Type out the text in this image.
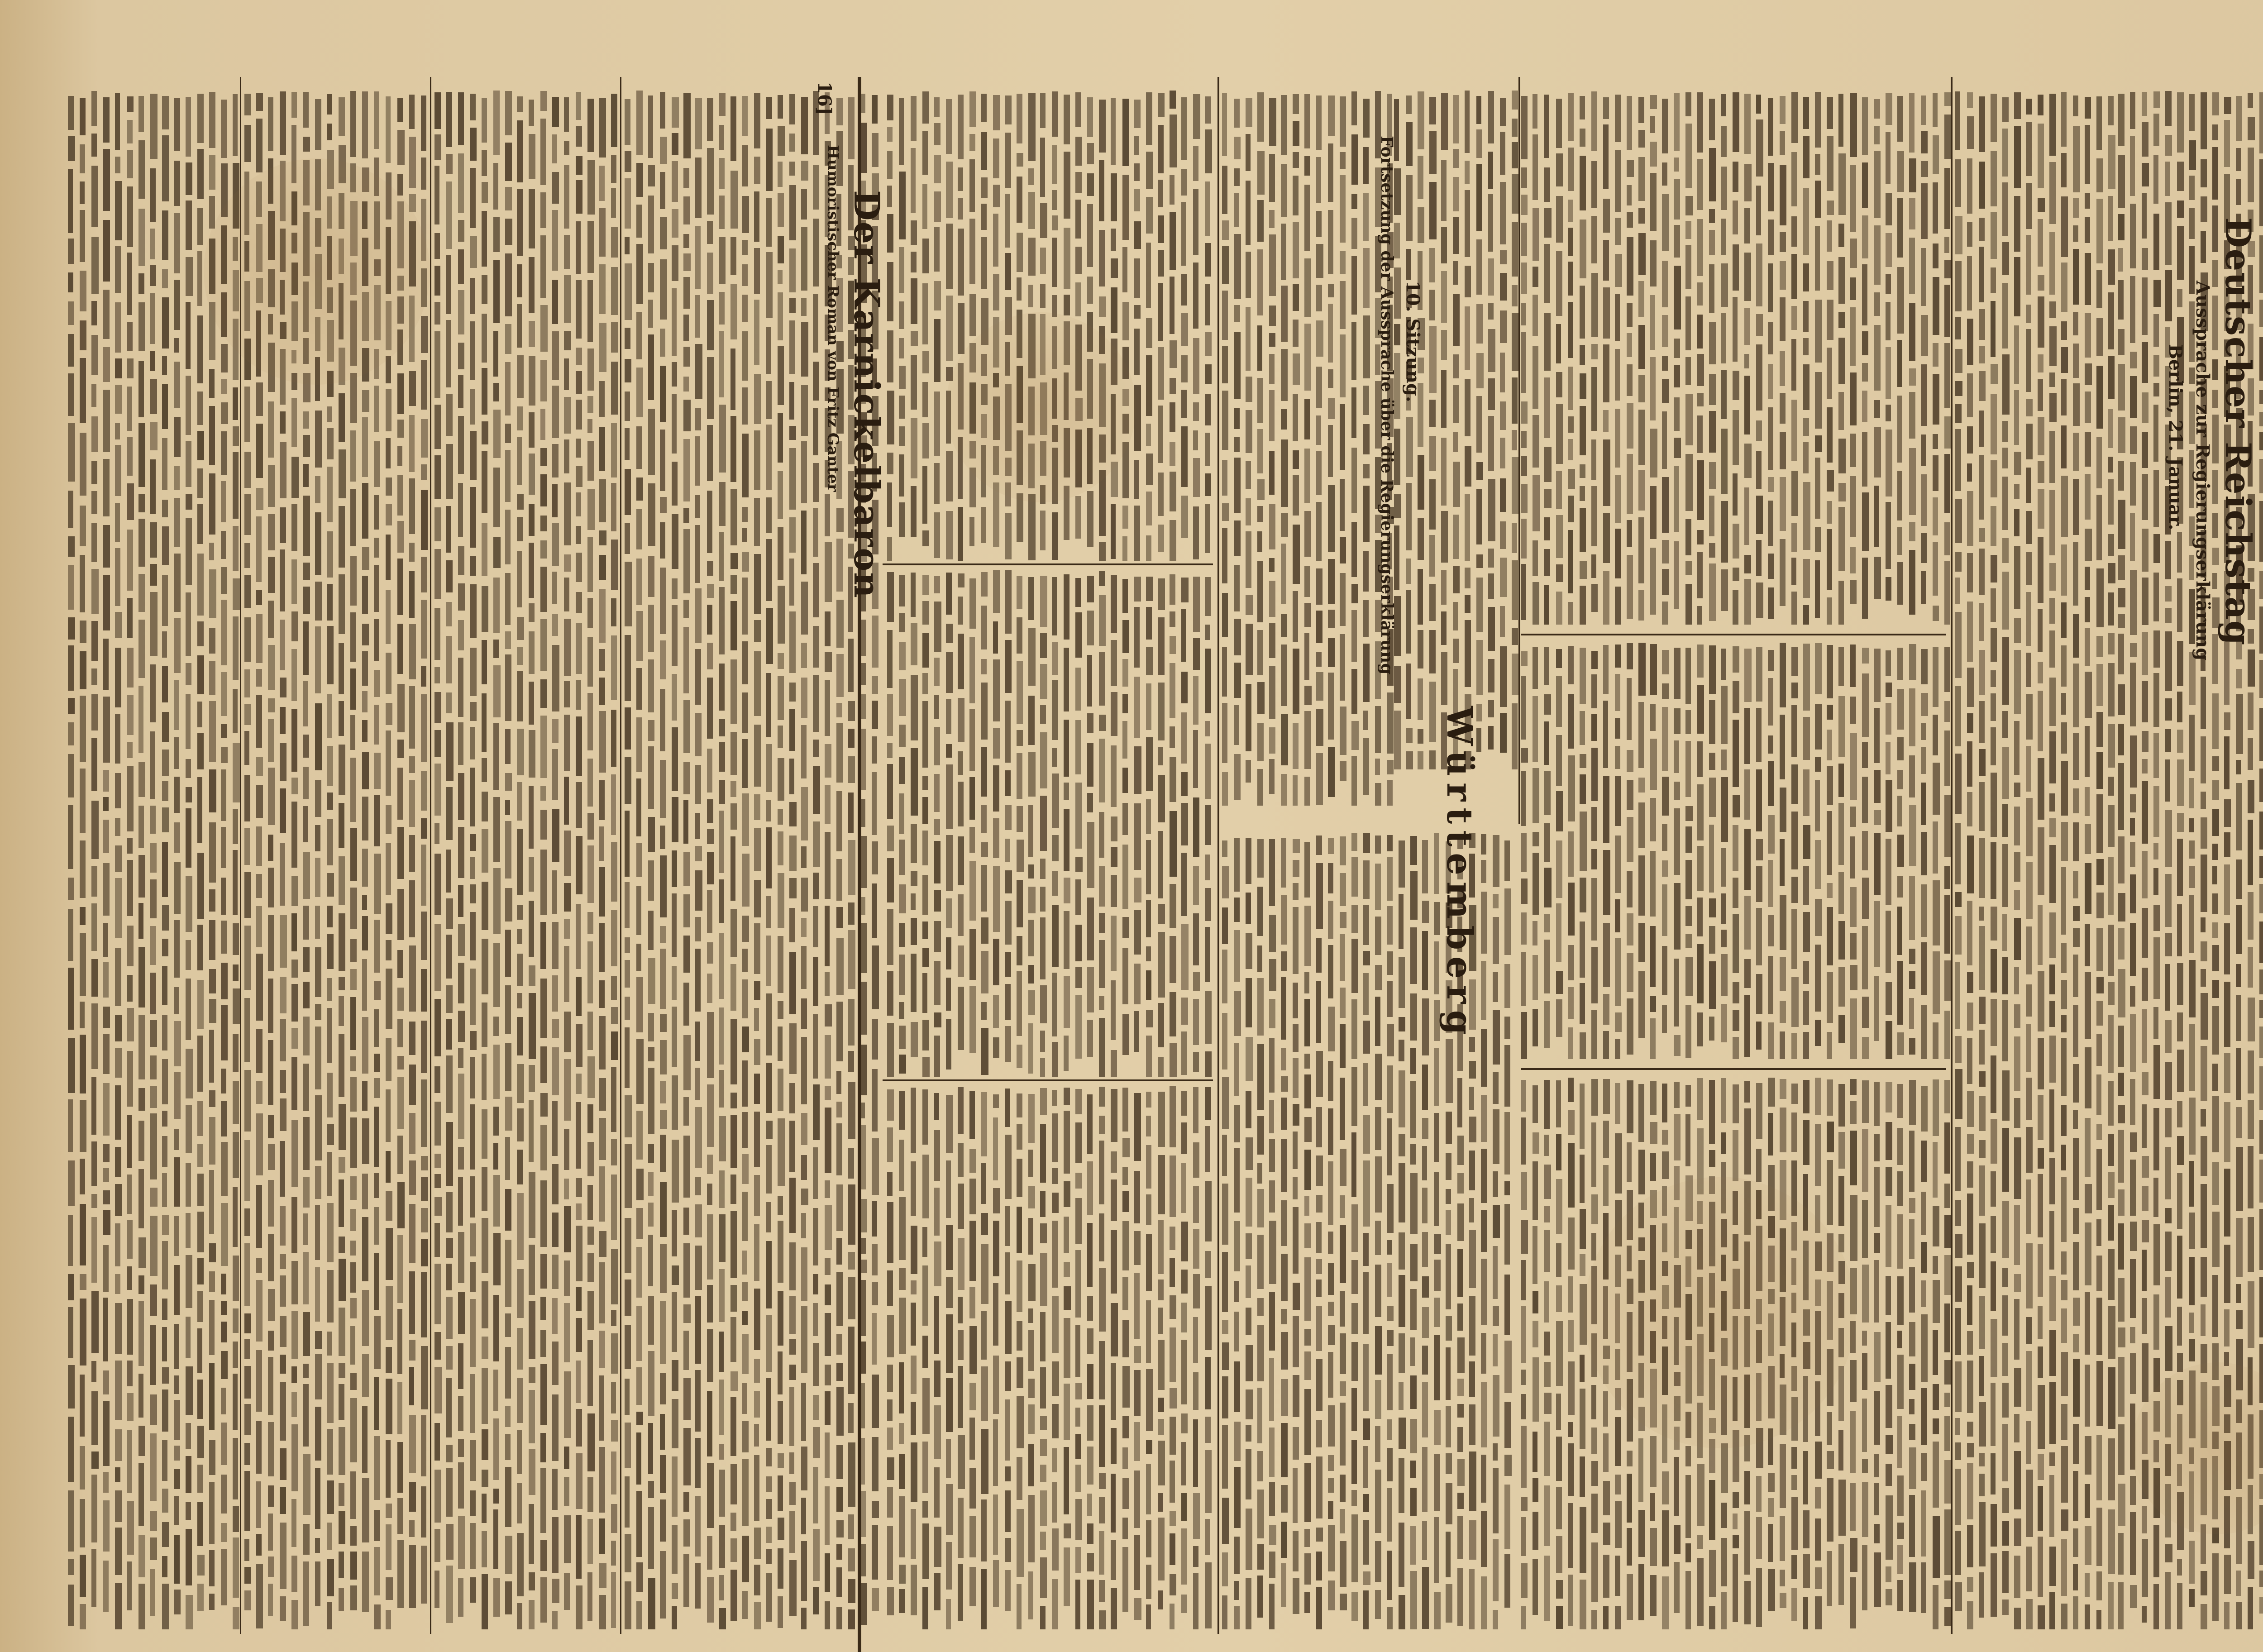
Deutscher Reichstag
Aussprache zur Regierungserklärung
Berlin, 21. Januar.
Württemberg
10. Sitzung.
Fortsetzung der Aussprache über die Regierungserklärung
Der Karnickelbaron
Humoristischer Roman von Fritz Ganter
16]
